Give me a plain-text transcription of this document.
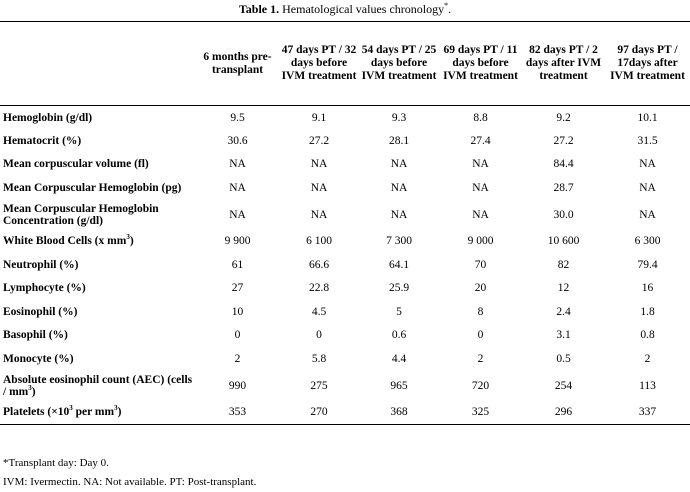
Table 1. Hematological values chronology*.
	6 months pre-transplant	47 days PT / 32 days before IVM treatment	54 days PT / 25 days before IVM treatment	69 days PT / 11 days before IVM treatment	82 days PT / 2 days after IVM treatment	97 days PT / 17days after IVM treatment
Hemoglobin (g/dl)	9.5	9.1	9.3	8.8	9.2	10.1
Hematocrit (%)	30.6	27.2	28.1	27.4	27.2	31.5
Mean corpuscular volume (fl)	NA	NA	NA	NA	84.4	NA
Mean Corpuscular Hemoglobin (pg)	NA	NA	NA	NA	28.7	NA
Mean Corpuscular Hemoglobin Concentration (g/dl)	NA	NA	NA	NA	30.0	NA
White Blood Cells (x $mm^3$)	9 900	6 100	7 300	9 000	10 600	6 300
Neutrophil (%)	61	66.6	64.1	70	82	79.4
Lymphocyte (%)	27	22.8	25.9	20	12	16
Eosinophil (%)	10	4.5	5	8	2.4	1.8
Basophil (%)	0	0	0.6	0	3.1	0.8
Monocyte (%)	2	5.8	4.4	2	0.5	2
Absolute eosinophil count (AEC) (cells / $mm^3$)	990	275	965	720	254	113
Platelets ($\times 10^3$ per $mm^3$)	353	270	368	325	296	337
*Transplant day: Day 0.
IVM: Ivermectin. NA: Not available. PT: Post-transplant.
